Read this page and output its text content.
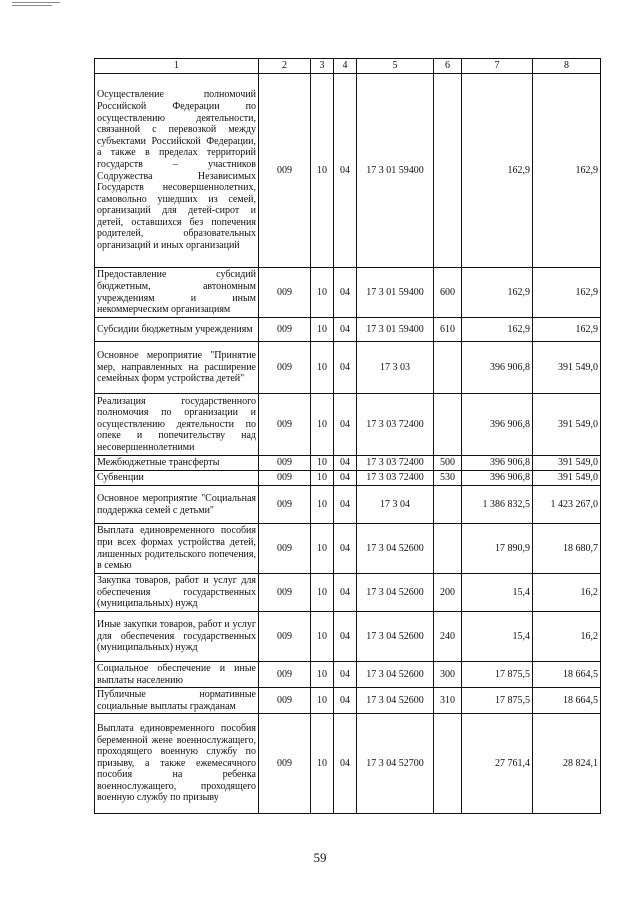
1	2	3	4	5	6	7	8
Осуществление полномочий Российской Федерации по осуществлению деятельности, связанной с перевозкой между субъектами Российской Федерации, а также в пределах территорий государств – участников Содружества Независимых Государств несовершеннолетних, самовольно ушедших из семей, организаций для детей-сирот и детей, оставшихся без попечения родителей, образовательных организаций и иных организаций	009	10	04	17 3 01 59400		162,9	162,9
Предоставление субсидий бюджетным, автономным учреждениям и иным некоммерческим организациям	009	10	04	17 3 01 59400	600	162,9	162,9
Субсидии бюджетным учреждениям	009	10	04	17 3 01 59400	610	162,9	162,9
Основное мероприятие "Принятие мер, направленных на расширение семейных форм устройства детей"	009	10	04	17 3 03		396 906,8	391 549,0
Реализация государственного полномочия по организации и осуществлению деятельности по опеке и попечительству над несовершеннолетними	009	10	04	17 3 03 72400		396 906,8	391 549,0
Межбюджетные трансферты	009	10	04	17 3 03 72400	500	396 906,8	391 549,0
Субвенции	009	10	04	17 3 03 72400	530	396 906,8	391 549,0
Основное мероприятие "Социальная поддержка семей с детьми"	009	10	04	17 3 04		1 386 832,5	1 423 267,0
Выплата единовременного пособия при всех формах устройства детей, лишенных родительского попечения, в семью	009	10	04	17 3 04 52600		17 890,9	18 680,7
Закупка товаров, работ и услуг для обеспечения государственных (муниципальных) нужд	009	10	04	17 3 04 52600	200	15,4	16,2
Иные закупки товаров, работ и услуг для обеспечения государственных (муниципальных) нужд	009	10	04	17 3 04 52600	240	15,4	16,2
Социальное обеспечение и иные выплаты населению	009	10	04	17 3 04 52600	300	17 875,5	18 664,5
Публичные нормативные социальные выплаты гражданам	009	10	04	17 3 04 52600	310	17 875,5	18 664,5
Выплата единовременного пособия беременной жене военнослужащего, проходящего военную службу по призыву, а также ежемесячного пособия на ребенка военнослужащего, проходящего военную службу по призыву	009	10	04	17 3 04 52700		27 761,4	28 824,1
59
